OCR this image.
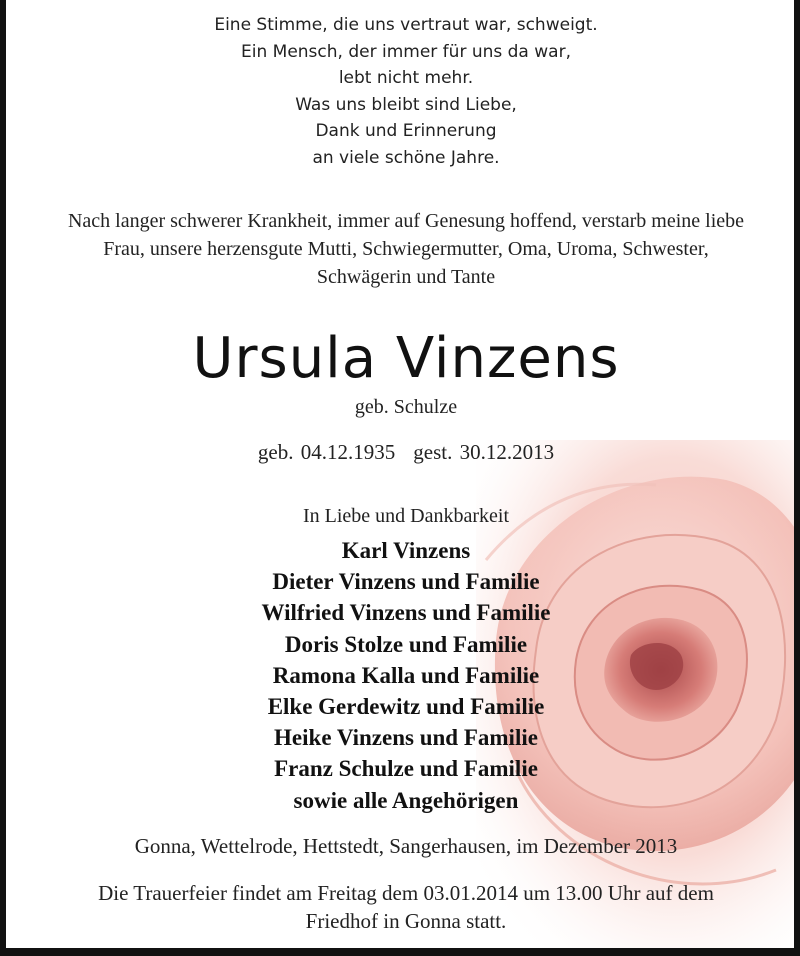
Eine Stimme, die uns vertraut war, schweigt.
Ein Mensch, der immer für uns da war,
lebt nicht mehr.
Was uns bleibt sind Liebe,
Dank und Erinnerung
an viele schöne Jahre.
Nach langer schwerer Krankheit, immer auf Genesung hoffend, verstarb meine liebe
Frau, unsere herzensgute Mutti, Schwiegermutter, Oma, Uroma, Schwester,
Schwägerin und Tante
Ursula Vinzens
geb. Schulze
geb. 04.12.1935 gest. 30.12.2013
In Liebe und Dankbarkeit
Karl Vinzens
Dieter Vinzens und Familie
Wilfried Vinzens und Familie
Doris Stolze und Familie
Ramona Kalla und Familie
Elke Gerdewitz und Familie
Heike Vinzens und Familie
Franz Schulze und Familie
sowie alle Angehörigen
Gonna, Wettelrode, Hettstedt, Sangerhausen, im Dezember 2013
Die Trauerfeier findet am Freitag dem 03.01.2014 um 13.00 Uhr auf dem
Friedhof in Gonna statt.
